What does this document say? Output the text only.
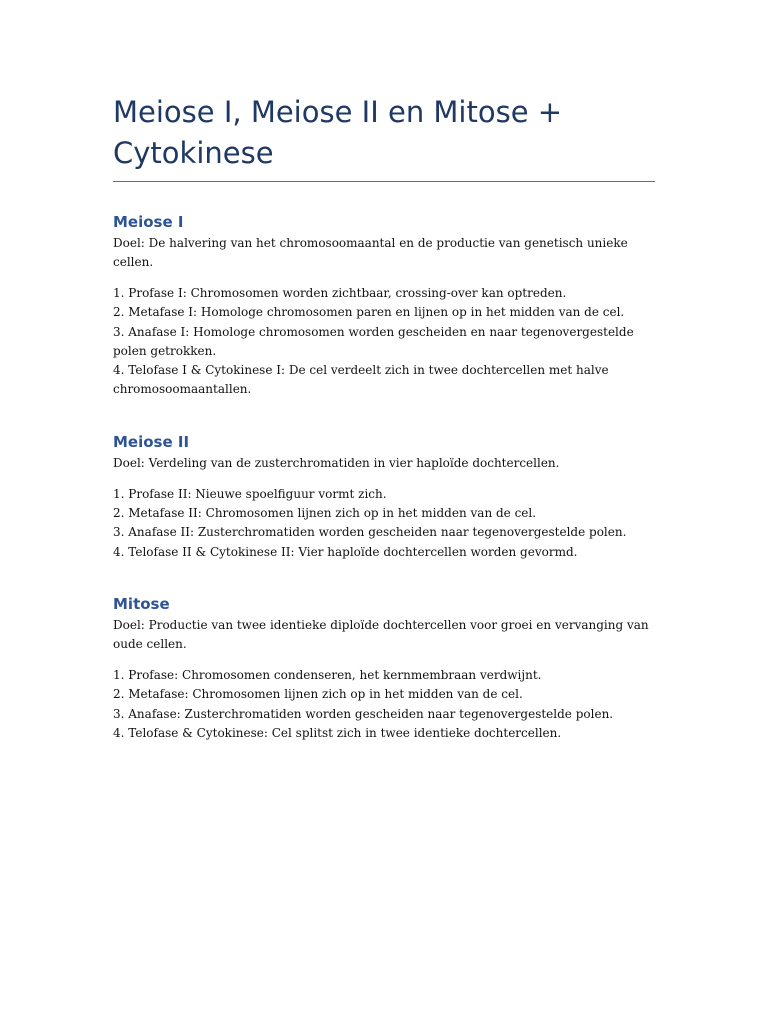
Meiose I, Meiose II en Mitose + Cytokinese
Meiose I

Doel: De halvering van het chromosoomaantal en de productie van genetisch unieke cellen.

1. Profase I: Chromosomen worden zichtbaar, crossing-over kan optreden.
2. Metafase I: Homologe chromosomen paren en lijnen op in het midden van de cel.
3. Anafase I: Homologe chromosomen worden gescheiden en naar tegenovergestelde polen getrokken.
4. Telofase I & Cytokinese I: De cel verdeelt zich in twee dochtercellen met halve chromosoomaantallen.
Meiose II

Doel: Verdeling van de zusterchromatiden in vier haploïde dochtercellen.

1. Profase II: Nieuwe spoelfiguur vormt zich.
2. Metafase II: Chromosomen lijnen zich op in het midden van de cel.
3. Anafase II: Zusterchromatiden worden gescheiden naar tegenovergestelde polen.
4. Telofase II & Cytokinese II: Vier haploïde dochtercellen worden gevormd.
Mitose

Doel: Productie van twee identieke diploïde dochtercellen voor groei en vervanging van oude cellen.

1. Profase: Chromosomen condenseren, het kernmembraan verdwijnt.
2. Metafase: Chromosomen lijnen zich op in het midden van de cel.
3. Anafase: Zusterchromatiden worden gescheiden naar tegenovergestelde polen.
4. Telofase & Cytokinese: Cel splitst zich in twee identieke dochtercellen.
